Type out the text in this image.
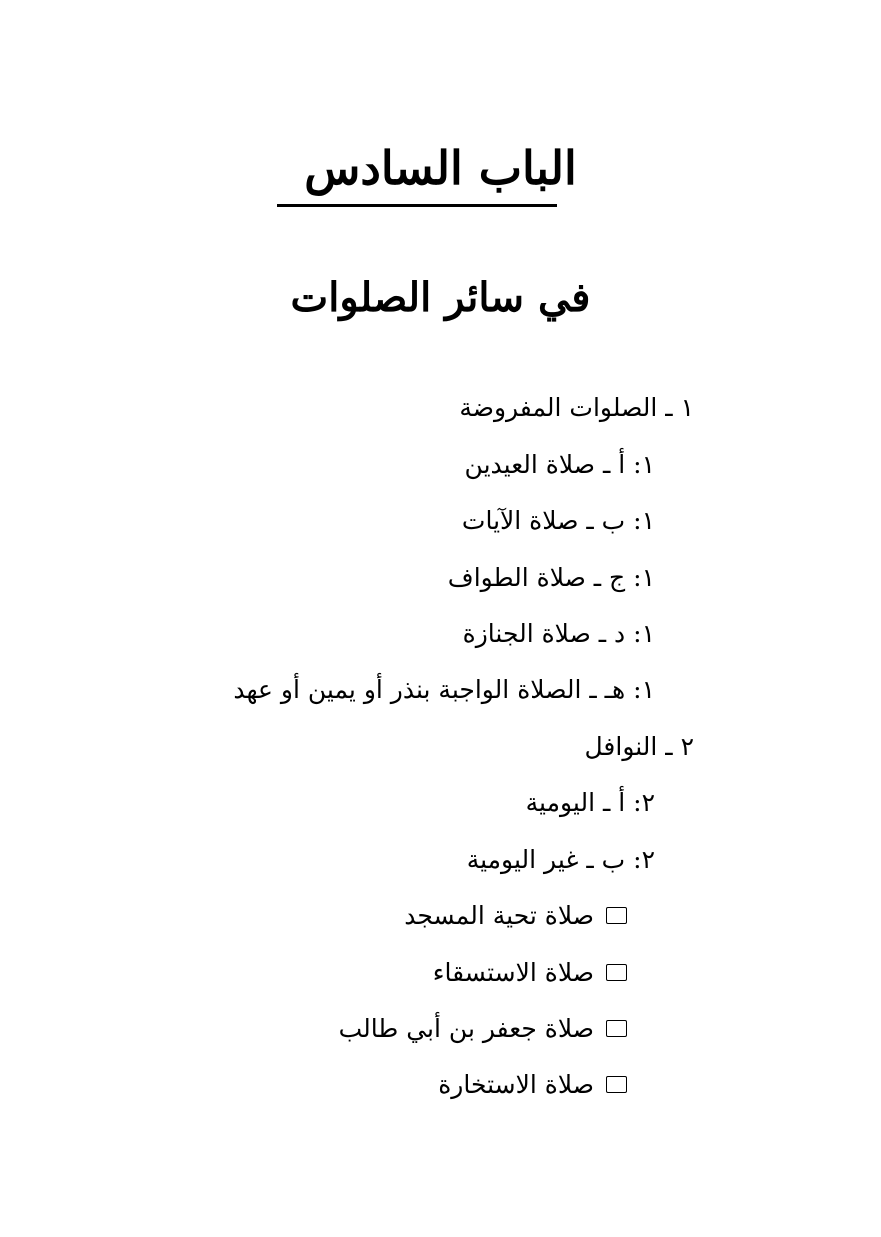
الباب السادس
في سائر الصلوات
١ ـ الصلوات المفروضة
١: أ ـ صلاة العيدين
١: ب ـ صلاة الآيات
١: ج ـ صلاة الطواف
١: د ـ صلاة الجنازة
١: هـ ـ الصلاة الواجبة بنذر أو يمين أو عهد
٢ ـ النوافل
٢: أ ـ اليومية
٢: ب ـ غير اليومية
صلاة تحية المسجد
صلاة الاستسقاء
صلاة جعفر بن أبي طالب
صلاة الاستخارة
